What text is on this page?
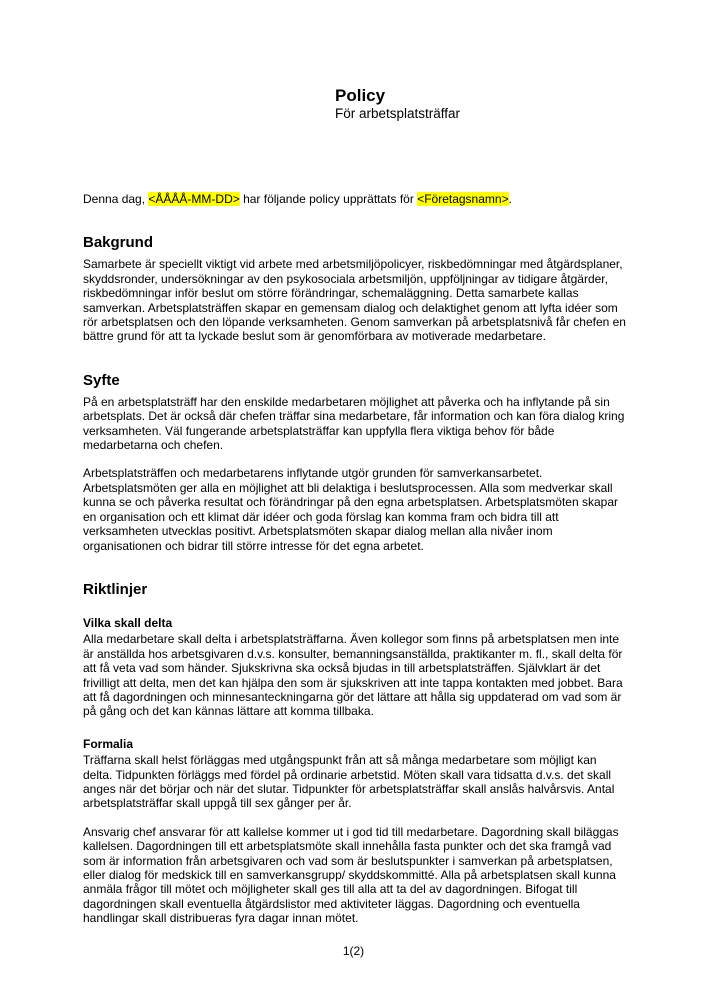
Policy
För arbetsplatsträffar

Denna dag, <ÅÅÅÅ-MM-DD> har följande policy upprättats för <Företagsnamn>.

Bakgrund

Samarbete är speciellt viktigt vid arbete med arbetsmiljöpolicyer, riskbedömningar med åtgärdsplaner, skyddsronder, undersökningar av den psykosociala arbetsmiljön, uppföljningar av tidigare åtgärder, riskbedömningar inför beslut om större förändringar, schemaläggning. Detta samarbete kallas samverkan. Arbetsplatsträffen skapar en gemensam dialog och delaktighet genom att lyfta idéer som rör arbetsplatsen och den löpande verksamheten. Genom samverkan på arbetsplatsnivå får chefen en bättre grund för att ta lyckade beslut som är genomförbara av motiverade medarbetare.

Syfte

På en arbetsplatsträff har den enskilde medarbetaren möjlighet att påverka och ha inflytande på sin arbetsplats. Det är också där chefen träffar sina medarbetare, får information och kan föra dialog kring verksamheten. Väl fungerande arbetsplatsträffar kan uppfylla flera viktiga behov för både medarbetarna och chefen.

Arbetsplatsträffen och medarbetarens inflytande utgör grunden för samverkansarbetet. Arbetsplatsmöten ger alla en möjlighet att bli delaktiga i beslutsprocessen. Alla som medverkar skall kunna se och påverka resultat och förändringar på den egna arbetsplatsen. Arbetsplatsmöten skapar en organisation och ett klimat där idéer och goda förslag kan komma fram och bidra till att verksamheten utvecklas positivt. Arbetsplatsmöten skapar dialog mellan alla nivåer inom organisationen och bidrar till större intresse för det egna arbetet.

Riktlinjer
Vilka skall delta

Alla medarbetare skall delta i arbetsplatsträffarna. Även kollegor som finns på arbetsplatsen men inte är anställda hos arbetsgivaren d.v.s. konsulter, bemanningsanställda, praktikanter m. fl., skall delta för att få veta vad som händer. Sjukskrivna ska också bjudas in till arbetsplatsträffen. Självklart är det frivilligt att delta, men det kan hjälpa den som är sjukskriven att inte tappa kontakten med jobbet. Bara att få dagordningen och minnesanteckningarna gör det lättare att hålla sig uppdaterad om vad som är på gång och det kan kännas lättare att komma tillbaka.

Formalia

Träffarna skall helst förläggas med utgångspunkt från att så många medarbetare som möjligt kan delta. Tidpunkten förläggs med fördel på ordinarie arbetstid. Möten skall vara tidsatta d.v.s. det skall anges när det börjar och när det slutar. Tidpunkter för arbetsplatsträffar skall anslås halvårsvis. Antal arbetsplatsträffar skall uppgå till sex gånger per år.

Ansvarig chef ansvarar för att kallelse kommer ut i god tid till medarbetare. Dagordning skall biläggas kallelsen. Dagordningen till ett arbetsplatsmöte skall innehålla fasta punkter och det ska framgå vad som är information från arbetsgivaren och vad som är beslutspunkter i samverkan på arbetsplatsen, eller dialog för medskick till en samverkansgrupp/ skyddskommitté. Alla på arbetsplatsen skall kunna anmäla frågor till mötet och möjligheter skall ges till alla att ta del av dagordningen. Bifogat till dagordningen skall eventuella åtgärdslistor med aktiviteter läggas. Dagordning och eventuella handlingar skall distribueras fyra dagar innan mötet.

1(2)
